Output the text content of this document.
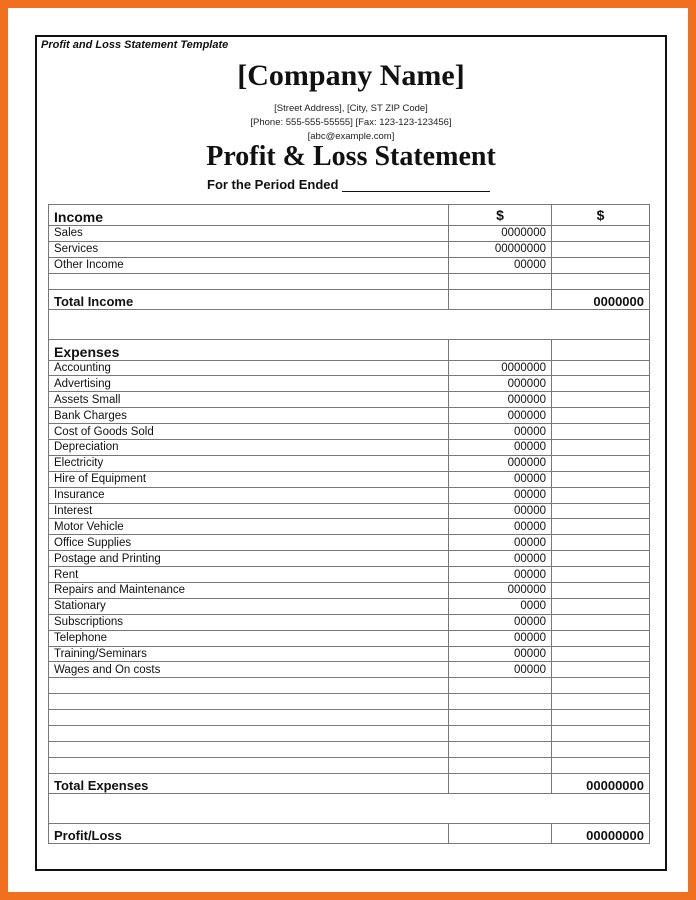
Profit and Loss Statement Template
[Company Name]
[Street Address], [City, ST ZIP Code]
[Phone: 555-555-55555] [Fax: 123-123-123456]
[abc@example.com]
Profit & Loss Statement
For the Period Ended
Income	$	$
Sales	0000000	
Services	00000000	
Other Income	00000	

Total Income		0000000

Expenses		
Accounting	0000000	
Advertising	000000	
Assets Small	000000	
Bank Charges	000000	
Cost of Goods Sold	00000	
Depreciation	00000	
Electricity	000000	
Hire of Equipment	00000	
Insurance	00000	
Interest	00000	
Motor Vehicle	00000	
Office Supplies	00000	
Postage and Printing	00000	
Rent	00000	
Repairs and Maintenance	000000	
Stationary	0000	
Subscriptions	00000	
Telephone	00000	
Training/Seminars	00000	
Wages and On costs	00000	

Total Expenses		00000000

Profit/Loss		00000000
